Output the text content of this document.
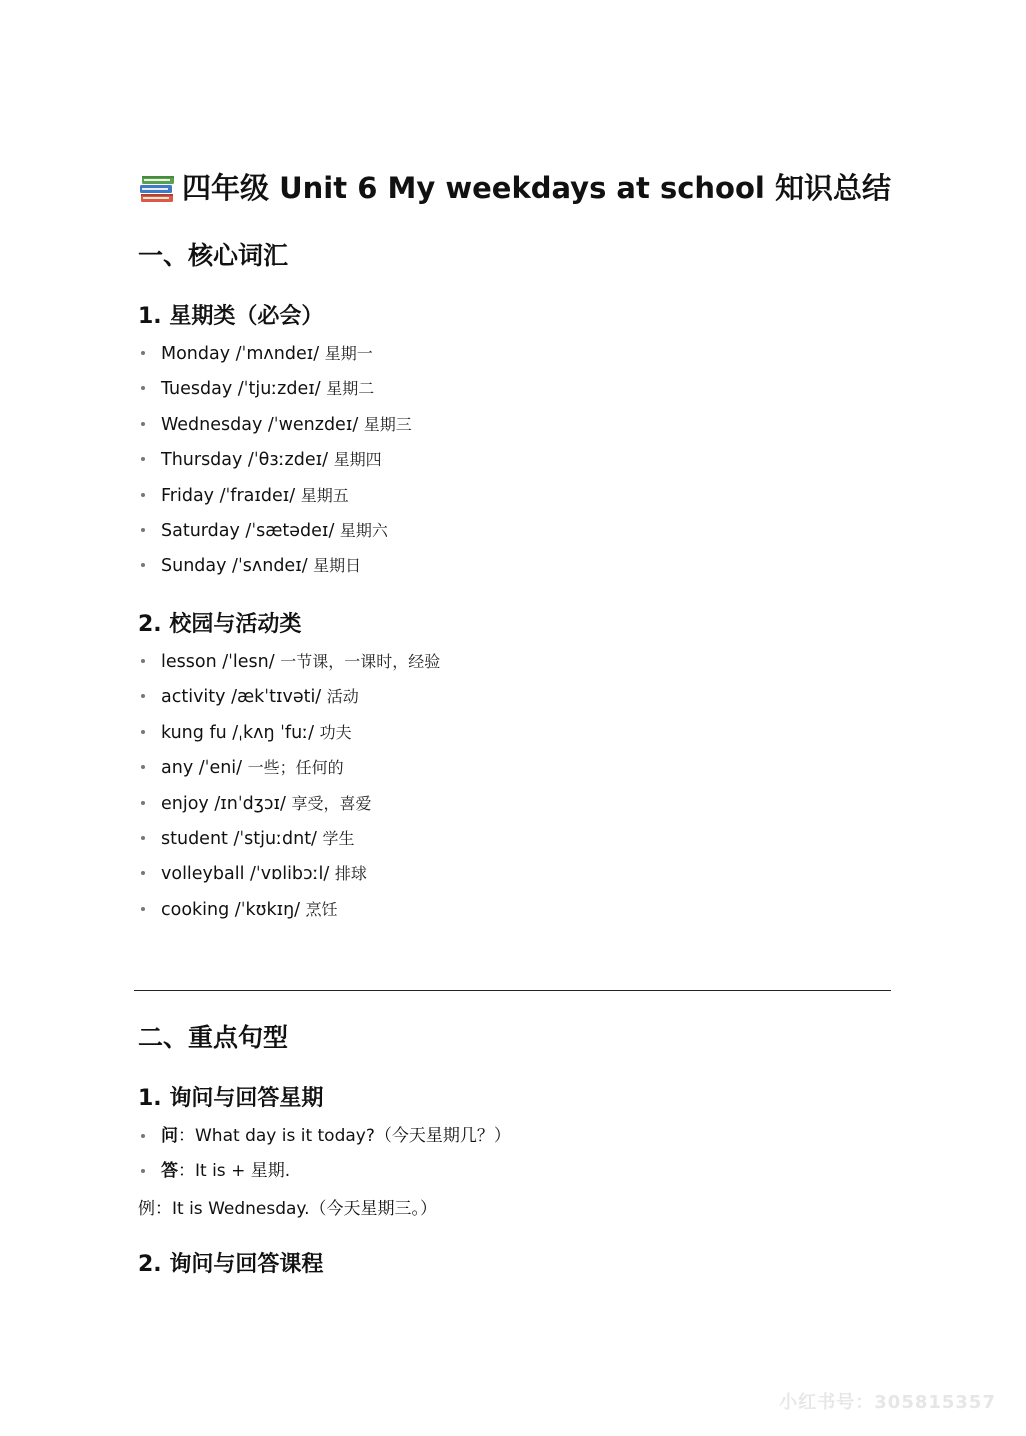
四年级 Unit 6 My weekdays at school 知识总结
一、核心词汇
1. 星期类（必会）
Monday /ˈmʌndeɪ/ 星期一
Tuesday /ˈtjuːzdeɪ/ 星期二
Wednesday /ˈwenzdeɪ/ 星期三
Thursday /ˈθɜːzdeɪ/ 星期四
Friday /ˈfraɪdeɪ/ 星期五
Saturday /ˈsætədeɪ/ 星期六
Sunday /ˈsʌndeɪ/ 星期日
2. 校园与活动类
lesson /ˈlesn/ 一节课，一课时，经验
activity /ækˈtɪvəti/ 活动
kung fu /ˌkʌŋ ˈfuː/ 功夫
any /ˈeni/ 一些；任何的
enjoy /ɪnˈdʒɔɪ/ 享受，喜爱
student /ˈstjuːdnt/ 学生
volleyball /ˈvɒlibɔːl/ 排球
cooking /ˈkʊkɪŋ/ 烹饪
二、重点句型
1. 询问与回答星期
问：What day is it today?（今天星期几？）
答：It is + 星期.
例：It is Wednesday.（今天星期三。）
2. 询问与回答课程
小红书号：305815357
